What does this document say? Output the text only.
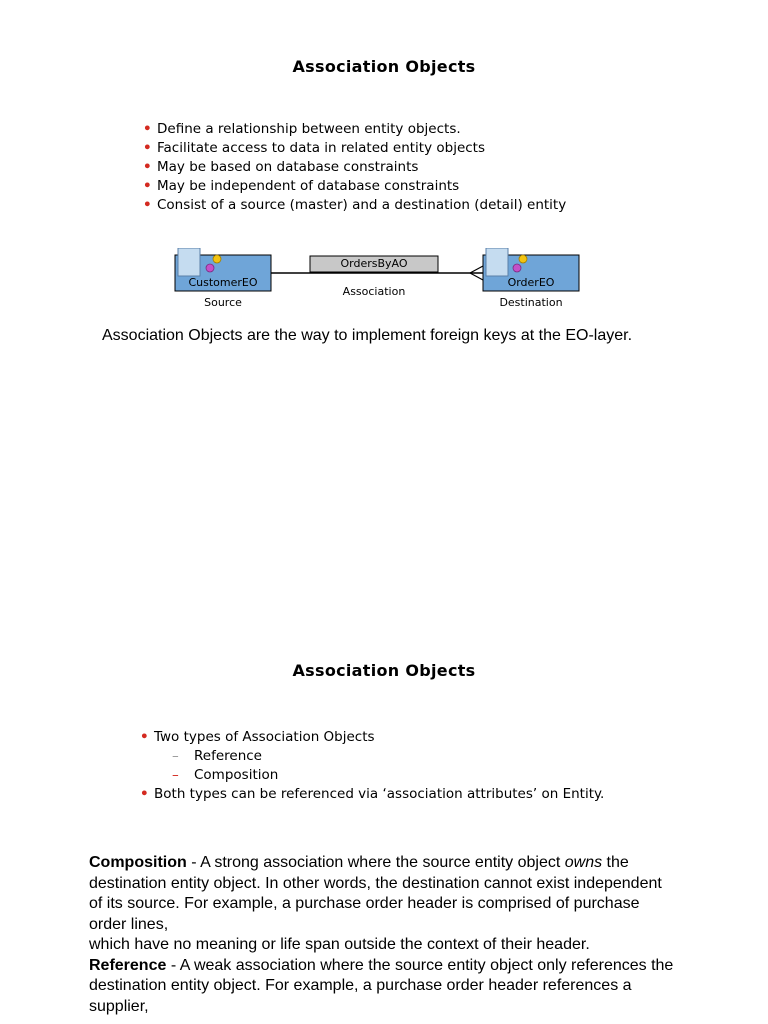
Association Objects
• Define a relationship between entity objects.
• Facilitate access to data in related entity objects
• May be based on database constraints
• May be independent of database constraints
• Consist of a source (master) and a destination (detail) entity
CustomerEO
Source
OrdersByAO
Association
OrderEO
Destination
Association Objects are the way to implement foreign keys at the EO-layer.
Association Objects
• Two types of Association Objects
– Reference
– Composition
• Both types can be referenced via ‘association attributes’ on Entity.

Composition - A strong association where the source entity object owns the destination entity object. In other words, the destination cannot exist independent of its source. For example, a purchase order header is comprised of purchase order lines,

which have no meaning or life span outside the context of their header.

Reference - A weak association where the source entity object only references the

destination entity object. For example, a purchase order header references a supplier,
